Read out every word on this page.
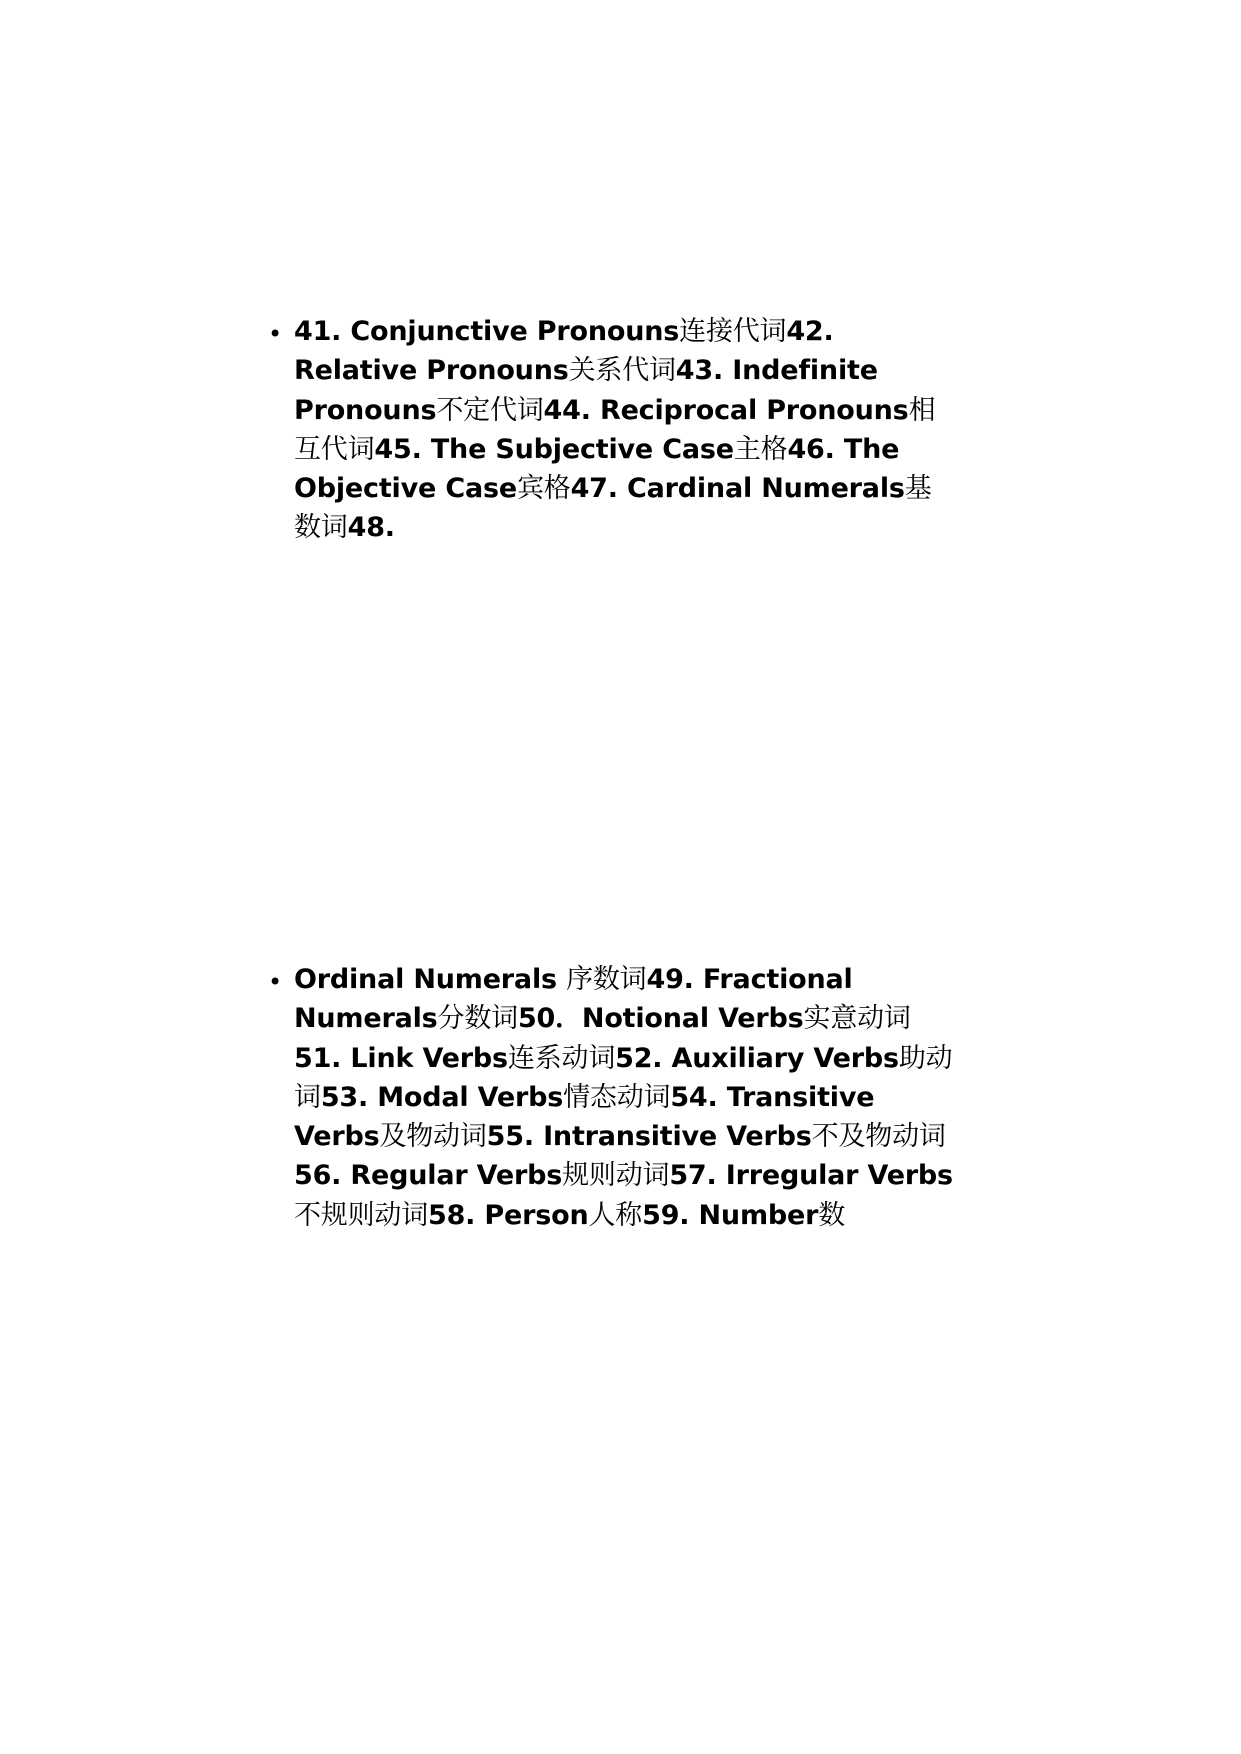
• 41. Conjunctive Pronouns连接代词42. Relative Pronouns关系代词43. Indefinite Pronouns不定代词44. Reciprocal Pronouns相互代词45. The Subjective Case主格46. The Objective Case宾格47. Cardinal Numerals基数词48.

• Ordinal Numerals 序数词49. Fractional Numerals分数词50．Notional Verbs实意动词51. Link Verbs连系动词52. Auxiliary Verbs助动词53. Modal Verbs情态动词54. Transitive Verbs及物动词55. Intransitive Verbs不及物动词56. Regular Verbs规则动词57. Irregular Verbs不规则动词58. Person人称59. Number数
